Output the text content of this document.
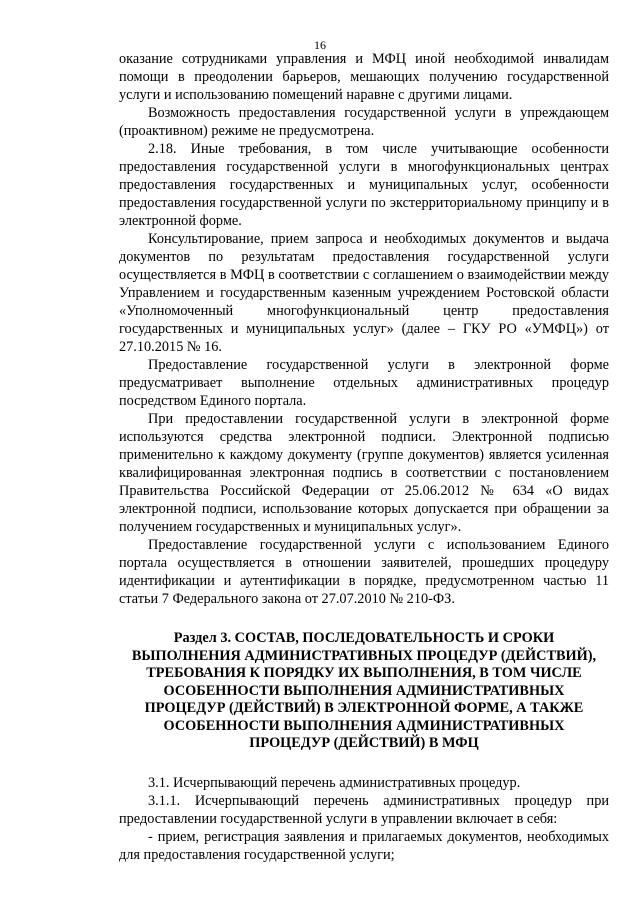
16

оказание сотрудниками управления и МФЦ иной необходимой инвалидам помощи в преодолении барьеров, мешающих получению государственной услуги и использованию помещений наравне с другими лицами.

Возможность предоставления государственной услуги в упреждающем (проактивном) режиме не предусмотрена.

2.18. Иные требования, в том числе учитывающие особенности предоставления государственной услуги в многофункциональных центрах предоставления государственных и муниципальных услуг, особенности предоставления государственной услуги по экстерриториальному принципу и в электронной форме.

Консультирование, прием запроса и необходимых документов и выдача документов по результатам предоставления государственной услуги осуществляется в МФЦ в соответствии с соглашением о взаимодействии между Управлением и государственным казенным учреждением Ростовской области «Уполномоченный многофункциональный центр предоставления государственных и муниципальных услуг» (далее – ГКУ РО «УМФЦ») от 27.10.2015 № 16.

Предоставление государственной услуги в электронной форме предусматривает выполнение отдельных административных процедур посредством Единого портала.

При предоставлении государственной услуги в электронной форме используются средства электронной подписи. Электронной подписью применительно к каждому документу (группе документов) является усиленная квалифицированная электронная подпись в соответствии с постановлением Правительства Российской Федерации от 25.06.2012 № 634 «О видах электронной подписи, использование которых допускается при обращении за получением государственных и муниципальных услуг».

Предоставление государственной услуги с использованием Единого портала осуществляется в отношении заявителей, прошедших процедуру идентификации и аутентификации в порядке, предусмотренном частью 11 статьи 7 Федерального закона от 27.07.2010 № 210-ФЗ.

Раздел 3. СОСТАВ, ПОСЛЕДОВАТЕЛЬНОСТЬ И СРОКИ ВЫПОЛНЕНИЯ АДМИНИСТРАТИВНЫХ ПРОЦЕДУР (ДЕЙСТВИЙ), ТРЕБОВАНИЯ К ПОРЯДКУ ИХ ВЫПОЛНЕНИЯ, В ТОМ ЧИСЛЕ ОСОБЕННОСТИ ВЫПОЛНЕНИЯ АДМИНИСТРАТИВНЫХ ПРОЦЕДУР (ДЕЙСТВИЙ) В ЭЛЕКТРОННОЙ ФОРМЕ, А ТАКЖЕ ОСОБЕННОСТИ ВЫПОЛНЕНИЯ АДМИНИСТРАТИВНЫХ ПРОЦЕДУР (ДЕЙСТВИЙ) В МФЦ

3.1. Исчерпывающий перечень административных процедур.

3.1.1. Исчерпывающий перечень административных процедур при предоставлении государственной услуги в управлении включает в себя:

- прием, регистрация заявления и прилагаемых документов, необходимых для предоставления государственной услуги;
